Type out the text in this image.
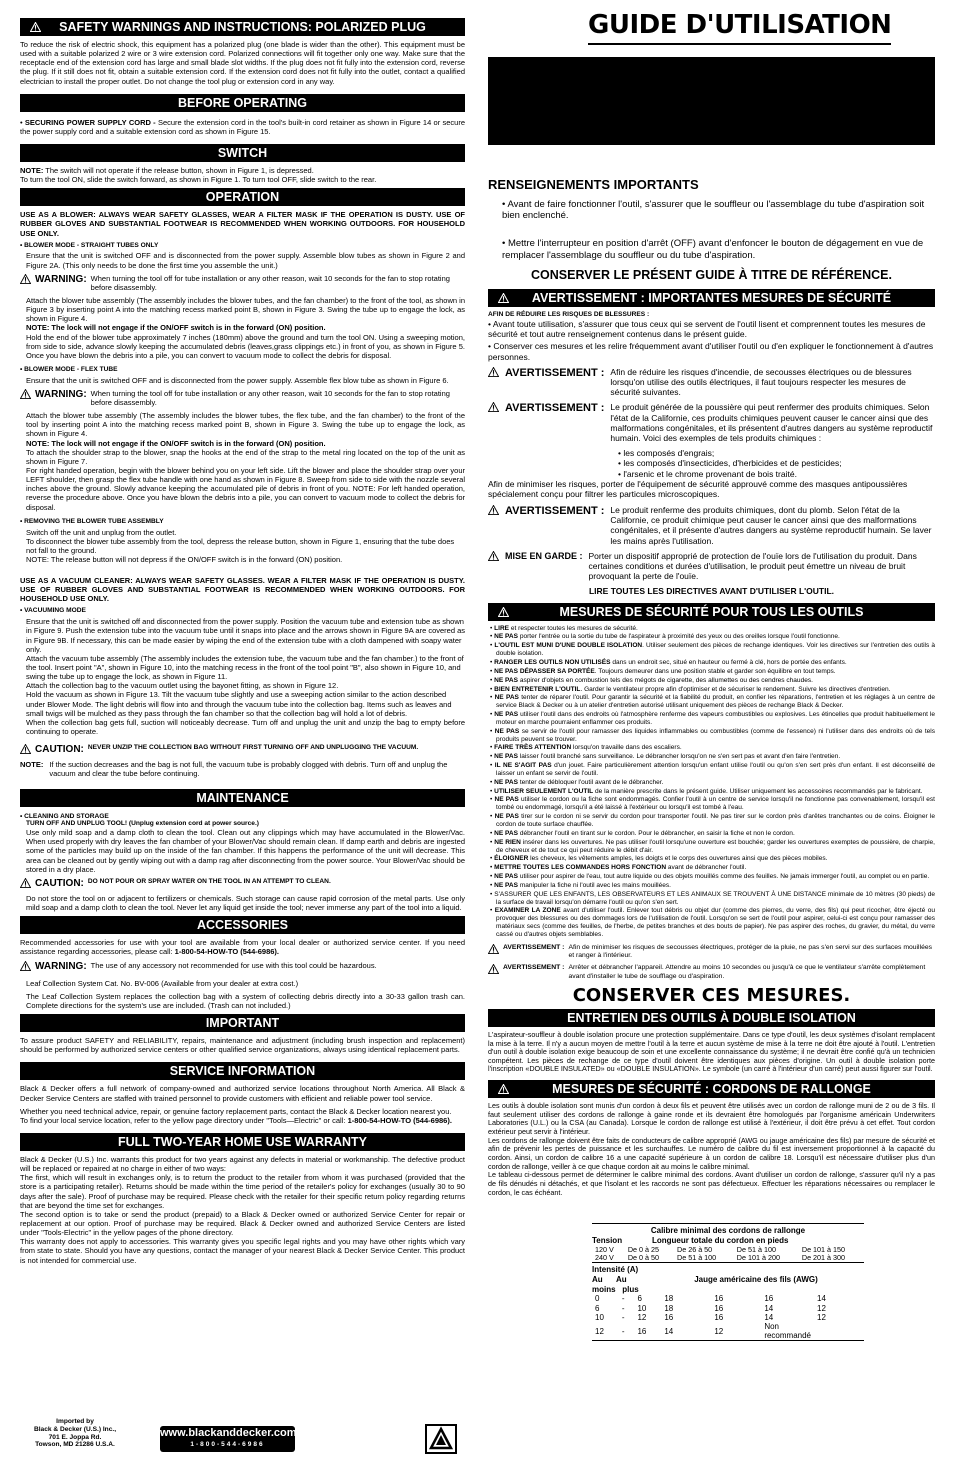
SAFETY WARNINGS AND INSTRUCTIONS: POLARIZED PLUG

To reduce the risk of electric shock, this equipment has a polarized plug (one blade is wider than the other). This equipment must be used with a suitable polarized 2 wire or 3 wire extension cord. Polarized connections will fit together only one way. Make sure that the receptacle end of the extension cord has large and small blade slot widths. If the plug does not fit fully into the extension cord, reverse the plug. If it still does not fit, obtain a suitable extension cord. If the extension cord does not fit fully into the outlet, contact a qualified electrician to install the proper outlet. Do not change the tool plug or extension cord in any way.

BEFORE OPERATING

• SECURING POWER SUPPLY CORD - Secure the extension cord in the tool's built-in cord retainer as shown in Figure 14 or secure the power supply cord and a suitable extension cord as shown in Figure 15.

SWITCH

NOTE: The switch will not operate if the release button, shown in Figure 1, is depressed.

To turn the tool ON, slide the switch forward, as shown in Figure 1. To turn tool OFF, slide switch to the rear.

OPERATION

USE AS A BLOWER: ALWAYS WEAR SAFETY GLASSES, WEAR A FILTER MASK IF THE OPERATION IS DUSTY. USE OF RUBBER GLOVES AND SUBSTANTIAL FOOTWEAR IS RECOMMENDED WHEN WORKING OUTDOORS. FOR HOUSEHOLD USE ONLY.

• BLOWER MODE - STRAIGHT TUBES ONLY

Ensure that the unit is switched OFF and is disconnected from the power supply. Assemble blow tubes as shown in Figure 2 and Figure 2A. (This only needs to be done the first time you assemble the unit.)

WARNING: When turning the tool off for tube installation or any other reason, wait 10 seconds for the fan to stop rotating before disassembly.

Attach the blower tube assembly (The assembly includes the blower tubes, and the fan chamber) to the front of the tool, as shown in Figure 3 by inserting point A into the matching recess marked point B, shown in Figure 3. Swing the tube up to engage the lock, as shown in Figure 4.

NOTE: The lock will not engage if the ON/OFF switch is in the forward (ON) position.

Hold the end of the blower tube approximately 7 inches (180mm) above the ground and turn the tool ON. Using a sweeping motion, from side to side, advance slowly keeping the accumulated debris (leaves,grass clippings etc.) in front of you, as shown in Figure 5. Once you have blown the debris into a pile, you can convert to vacuum mode to collect the debris for disposal.

• BLOWER MODE - FLEX TUBE

Ensure that the unit is switched OFF and is disconnected from the power supply. Assemble flex blow tube as shown in Figure 6.

WARNING: When turning the tool off for tube installation or any other reason, wait 10 seconds for the fan to stop rotating before disassembly.

Attach the blower tube assembly (The assembly includes the blower tubes, the flex tube, and the fan chamber) to the front of the tool by inserting point A into the matching recess marked point B, shown in Figure 3. Swing the tube up to engage the lock, as shown in Figure 4.

NOTE: The lock will not engage if the ON/OFF switch is in the forward (ON) position.

To attach the shoulder strap to the blower, snap the hooks at the end of the strap to the metal ring located on the top of the unit as shown in Figure 7.

For right handed operation, begin with the blower behind you on your left side. Lift the blower and place the shoulder strap over your LEFT shoulder, then grasp the flex tube handle with one hand as shown in Figure 8. Sweep from side to side with the nozzle several inches above the ground. Slowly advance keeping the accumulated pile of debris in front of you. NOTE: For left handed operation, reverse the procedure above. Once you have blown the debris into a pile, you can convert to vacuum mode to collect the debris for disposal.

• REMOVING THE BLOWER TUBE ASSEMBLY

Switch off the unit and unplug from the outlet.

To disconnect the blower tube assembly from the tool, depress the release button, shown in Figure 1, ensuring that the tube does not fall to the ground.

NOTE: The release button will not depress if the ON/OFF switch is in the forward (ON) position.

USE AS A VACUUM CLEANER: ALWAYS WEAR SAFETY GLASSES. WEAR A FILTER MASK IF THE OPERATION IS DUSTY. USE OF RUBBER GLOVES AND SUBSTANTIAL FOOTWEAR IS RECOMMENDED WHEN WORKING OUTDOORS. FOR HOUSEHOLD USE ONLY.

• VACUUMING MODE

Ensure that the unit is switched off and disconnected from the power supply. Position the vacuum tube and extension tube as shown in Figure 9. Push the extension tube into the vacuum tube until it snaps into place and the arrows shown in Figure 9A are covered as in Figure 9B. If necessary, this can be made easier by wiping the end of the extension tube with a cloth dampened with soapy water only.

Attach the vacuum tube assembly (The assembly includes the extension tube, the vacuum tube and the fan chamber.) to the front of the tool. Insert point "A", shown in Figure 10, into the matching recess in the front of the tool point "B", also shown in Figure 10, and swing the tube up to engage the lock, as shown in Figure 11.

Attach the collection bag to the vacuum outlet using the bayonet fitting, as shown in Figure 12.

Hold the vacuum as shown in Figure 13. Tilt the vacuum tube slightly and use a sweeping action similar to the action described under Blower Mode. The light debris will flow into and through the vacuum tube into the collection bag. Items such as leaves and small twigs will be mulched as they pass through the fan chamber so that the collection bag will hold a lot of debris.

When the collection bag gets full, suction will noticeably decrease. Turn off and unplug the unit and unzip the bag to empty before continuing to operate.

CAUTION: NEVER UNZIP THE COLLECTION BAG WITHOUT FIRST TURNING OFF AND UNPLUGGING THE VACUUM.
NOTE: If the suction decreases and the bag is not full, the vacuum tube is probably clogged with debris. Turn off and unplug the vacuum and clear the tube before continuing.
MAINTENANCE

• CLEANING AND STORAGE

TURN OFF AND UNPLUG TOOL! (Unplug extension cord at power source.)

Use only mild soap and a damp cloth to clean the tool. Clean out any clippings which may have accumulated in the Blower/Vac. When used properly with dry leaves the fan chamber of your Blower/Vac should remain clean. If damp earth and debris are ingested some of the particles may build up on the inside of the fan chamber. If this happens the performance of the unit will decrease. This area can be cleaned out by gently wiping out with a damp rag after disconnecting from the power source. Your Blower/Vac should be stored in a dry place.

CAUTION: DO NOT POUR OR SPRAY WATER ON THE TOOL IN AN ATTEMPT TO CLEAN.

Do not store the tool on or adjacent to fertilizers or chemicals. Such storage can cause rapid corrosion of the metal parts. Use only mild soap and a damp cloth to clean the tool. Never let any liquid get inside the tool; never immerse any part of the tool into a liquid.

ACCESSORIES

Recommended accessories for use with your tool are available from your local dealer or authorized service center. If you need assistance regarding accessories, please call: 1-800-54-HOW-TO (544-6986).

WARNING: The use of any accessory not recommended for use with this tool could be hazardous.

Leaf Collection System Cat. No. BV-006 (Available from your dealer at extra cost.)

The Leaf Collection System replaces the collection bag with a system of collecting debris directly into a 30-33 gallon trash can. Complete directions for the system's use are included. (Trash can not included.)

IMPORTANT

To assure product SAFETY and RELIABILITY, repairs, maintenance and adjustment (including brush inspection and replacement) should be performed by authorized service centers or other qualified service organizations, always using identical replacement parts.

SERVICE INFORMATION

Black & Decker offers a full network of company-owned and authorized service locations throughout North America. All Black & Decker Service Centers are staffed with trained personnel to provide customers with efficient and reliable power tool service.

Whether you need technical advice, repair, or genuine factory replacement parts, contact the Black & Decker location nearest you.

To find your local service location, refer to the yellow page directory under "Tools—Electric" or call: 1-800-54-HOW-TO (544-6986).

FULL TWO-YEAR HOME USE WARRANTY

Black & Decker (U.S.) Inc. warrants this product for two years against any defects in material or workmanship. The defective product will be replaced or repaired at no charge in either of two ways:

The first, which will result in exchanges only, is to return the product to the retailer from whom it was purchased (provided that the store is a participating retailer). Returns should be made within the time period of the retailer's policy for exchanges (usually 30 to 90 days after the sale). Proof of purchase may be required. Please check with the retailer for their specific return policy regarding returns that are beyond the time set for exchanges.

The second option is to take or send the product (prepaid) to a Black & Decker owned or authorized Service Center for repair or replacement at our option. Proof of purchase may be required. Black & Decker owned and authorized Service Centers are listed under "Tools-Electric" in the yellow pages of the phone directory.

This warranty does not apply to accessories. This warranty gives you specific legal rights and you may have other rights which vary from state to state. Should you have any questions, contact the manager of your nearest Black & Decker Service Center. This product is not intended for commercial use.

Imported by
Black & Decker (U.S.) Inc.,
701 E. Joppa Rd.
Towson, MD 21286 U.S.A.
www.blackanddecker.com
1-800-544-6986
GUIDE D'UTILISATION
RENSEIGNEMENTS IMPORTANTS

• Avant de faire fonctionner l'outil, s'assurer que le souffleur ou l'assemblage du tube d'aspiration soit bien enclenché.

• Mettre l'interrupteur en position d'arrêt (OFF) avant d'enfoncer le bouton de dégagement en vue de remplacer l'assemblage du souffleur ou du tube d'aspiration.

CONSERVER LE PRÉSENT GUIDE À TITRE DE RÉFÉRENCE.
AVERTISSEMENT : IMPORTANTES MESURES DE SÉCURITÉ

AFIN DE RÉDUIRE LES RISQUES DE BLESSURES :

• Avant toute utilisation, s'assurer que tous ceux qui se servent de l'outil lisent et comprennent toutes les mesures de sécurité et tout autre renseignement contenus dans le présent guide.

• Conserver ces mesures et les relire fréquemment avant d'utiliser l'outil ou d'en expliquer le fonctionnement à d'autres personnes.

AVERTISSEMENT : Afin de réduire les risques d'incendie, de secousses électriques ou de blessures lorsqu'on utilise des outils électriques, il faut toujours respecter les mesures de sécurité suivantes.
AVERTISSEMENT : Le produit générée de la poussière qui peut renfermer des produits chimiques. Selon l'état de la Californie, ces produits chimiques peuvent causer le cancer ainsi que des malformations congénitales, et ils présentent d'autres dangers au système reproductif humain. Voici des exemples de tels produits chimiques :
• les composés d'engrais;
• les composés d'insecticides, d'herbicides et de pesticides;
• l'arsenic et le chrome provenant de bois traité.

Afin de minimiser les risques, porter de l'équipement de sécurité approuvé comme des masques antipoussières spécialement conçu pour filtrer les particules microscopiques.

AVERTISSEMENT : Le produit renferme des produits chimiques, dont du plomb. Selon l'état de la Californie, ce produit chimique peut causer le cancer ainsi que des malformations congénitales, et il présente d'autres dangers au système reproductif humain. Se laver les mains après l'utilisation.
MISE EN GARDE : Porter un dispositif approprié de protection de l'ouïe lors de l'utilisation du produit. Dans certaines conditions et durées d'utilisation, le produit peut émettre un niveau de bruit provoquant la perte de l'ouïe.

LIRE TOUTES LES DIRECTIVES AVANT D'UTILISER L'OUTIL.

MESURES DE SÉCURITÉ POUR TOUS LES OUTILS
• LIRE et respecter toutes les mesures de sécurité.
• NE PAS porter l'entrée ou la sortie du tube de l'aspirateur à proximité des yeux ou des oreilles lorsque l'outil fonctionne.
• L'OUTIL EST MUNI D'UNE DOUBLE ISOLATION. Utiliser seulement des pièces de rechange identiques. Voir les directives sur l'entretien des outils à double isolation.
• RANGER LES OUTILS NON UTILISÉS dans un endroit sec, situé en hauteur ou fermé à clé, hors de portée des enfants.
• NE PAS DÉPASSER SA PORTÉE. Toujours demeurer dans une position stable et garder son équilibre en tout temps.
• NE PAS aspirer d'objets en combustion tels des mégots de cigarette, des allumettes ou des cendres chaudes.
• BIEN ENTRETENIR L'OUTIL. Garder le ventilateur propre afin d'optimiser et de sécuriser le rendement. Suivre les directives d'entretien.
• NE PAS tenter de réparer l'outil. Pour garantir la sécurité et la fiabilité du produit, en confier les réparations, l'entretien et les réglages à un centre de service Black & Decker ou à un atelier d'entretien autorisé utilisant uniquement des pièces de rechange Black & Decker.
• NE PAS utiliser l'outil dans des endroits où l'atmosphère renferme des vapeurs combustibles ou explosives. Les étincelles que produit habituellement le moteur en marche pourraient enflammer ces produits.
• NE PAS se servir de l'outil pour ramasser des liquides inflammables ou combustibles (comme de l'essence) ni l'utiliser dans des endroits où de tels produits peuvent se trouver.
• FAIRE TRÈS ATTENTION lorsqu'on travaille dans des escaliers.
• NE PAS laisser l'outil branché sans surveillance. Le débrancher lorsqu'on ne s'en sert pas et avant d'en faire l'entretien.
• IL NE S'AGIT PAS d'un jouet. Faire particulièrement attention lorsqu'un enfant utilise l'outil ou qu'on s'en sert près d'un enfant. Il est déconseillé de laisser un enfant se servir de l'outil.
• NE PAS tenter de débloquer l'outil avant de le débrancher.
• UTILISER SEULEMENT L'OUTIL de la manière prescrite dans le présent guide. Utiliser uniquement les accessoires recommandés par le fabricant.
• NE PAS utiliser le cordon ou la fiche sont endommagés. Confier l'outil à un centre de service lorsqu'il ne fonctionne pas convenablement, lorsqu'il est tombé ou endommagé, lorsqu'il a été laissé à l'extérieur ou lorsqu'il est tombé à l'eau.
• NE PAS tirer sur le cordon ni se servir du cordon pour transporter l'outil. Ne pas tirer sur le cordon près d'arêtes tranchantes ou de coins. Éloigner le cordon de toute surface chauffée.
• NE PAS débrancher l'outil en tirant sur le cordon. Pour le débrancher, en saisir la fiche et non le cordon.
• NE RIEN insérer dans les ouvertures. Ne pas utiliser l'outil lorsqu'une ouverture est bouchée; garder les ouvertures exemptes de poussière, de charpie, de cheveux et de tout ce qui peut réduire le débit d'air.
• ÉLOIGNER les cheveux, les vêtements amples, les doigts et le corps des ouvertures ainsi que des pièces mobiles.
• METTRE TOUTES LES COMMANDES HORS FONCTION avant de débrancher l'outil.
• NE PAS utiliser pour aspirer de l'eau, tout autre liquide ou des objets mouillés comme des feuilles. Ne jamais immerger l'outil, au complet ou en partie.
• NE PAS manipuler la fiche ni l'outil avec les mains mouillées.
• S'ASSURER QUE LES ENFANTS, LES OBSERVATEURS ET LES ANIMAUX SE TROUVENT À UNE DISTANCE minimale de 10 mètres (30 pieds) de la surface de travail lorsqu'on démarre l'outil ou qu'on s'en sert.
• EXAMINER LA ZONE avant d'utiliser l'outil. Enlever tout débris ou objet dur (comme des pierres, du verre, des fils) qui peut ricocher, être éjecté ou provoquer des blessures ou des dommages lors de l'utilisation de l'outil. Lorsqu'on se sert de l'outil pour aspirer, celui-ci est conçu pour ramasser des matériaux secs (comme des feuilles, de l'herbe, de petites branches et des bouts de papier). Ne pas aspirer des roches, du gravier, du métal, du verre cassé ou d'autres objets semblables.
AVERTISSEMENT : Afin de minimiser les risques de secousses électriques, protéger de la pluie, ne pas s'en servi sur des surfaces mouillées et ranger à l'intérieur.
AVERTISSEMENT : Arrêter et débrancher l'appareil. Attendre au moins 10 secondes ou jusqu'à ce que le ventilateur s'arrête complètement avant d'installer le tube de soufflage ou d'aspiration.
CONSERVER CES MESURES.
ENTRETIEN DES OUTILS À DOUBLE ISOLATION

L'aspirateur-souffleur à double isolation procure une protection supplémentaire. Dans ce type d'outil, les deux systèmes d'isolant remplacent la mise à la terre. Il n'y a aucun moyen de mettre l'outil à la terre et aucun système de mise à la terre ne doit être ajouté à l'outil. L'entretien d'un outil à double isolation exige beaucoup de soin et une excellente connaissance du système; il ne devrait être confié qu'à un technicien compétent. Les pièces de rechange de ce type d'outil doivent être identiques aux pièces d'origine. Un outil à double isolation porte l'inscription «DOUBLE INSULATED» ou «DOUBLE INSULATION». Le symbole (un carré à l'intérieur d'un carré) peut aussi figurer sur l'outil.

MESURES DE SÉCURITÉ : CORDONS DE RALLONGE

Les outils à double isolation sont munis d'un cordon à deux fils et peuvent être utilisés avec un cordon de rallonge muni de 2 ou de 3 fils. Il faut seulement utiliser des cordons de rallonge à gaine ronde et ils devraient être homologués par l'organisme américain Underwriters Laboratories (U.L.) ou la CSA (au Canada). Lorsque le cordon de rallonge est utilisé à l'extérieur, il doit être prévu à cet effet. Tout cordon extérieur peut servir à l'intérieur.

Les cordons de rallonge doivent être faits de conducteurs de calibre approprié (AWG ou jauge américaine des fils) par mesure de sécurité et afin de prévenir les pertes de puissance et les surchauffes. Le numéro de calibre du fil est inversement proportionnel à la capacité du cordon. Ainsi, un cordon de calibre 16 a une capacité supérieure à un cordon de calibre 18. Lorsqu'il est nécessaire d'utiliser plus d'un cordon de rallonge, veiller à ce que chaque cordon ait au moins le calibre minimal.

Le tableau ci-dessous permet de déterminer le calibre minimal des cordons. Avant d'utiliser un cordon de rallonge, s'assurer qu'il n'y a pas de fils dénudés ni détachés, et que l'isolant et les raccords ne sont pas défectueux. Effectuer les réparations nécessaires ou remplacer le cordon, le cas échéant.

Calibre minimal des cordons de rallonge
Tension	Longueur totale du cordon en pieds
120 V	De 0 à 25	De 26 à 50	De 51 à 100	De 101 à 150
240 V	De 0 à 50	De 51 à 100	De 101 à 200	De 201 à 300
Intensité (A)
Au Au
moins plus
Jauge américaine des fils (AWG)
0	-	6	18	16	16	14
6	-	10	18	16	14	12
10	-	12	16	16	14	12
12	-	16	14	12	Non recommandé	
